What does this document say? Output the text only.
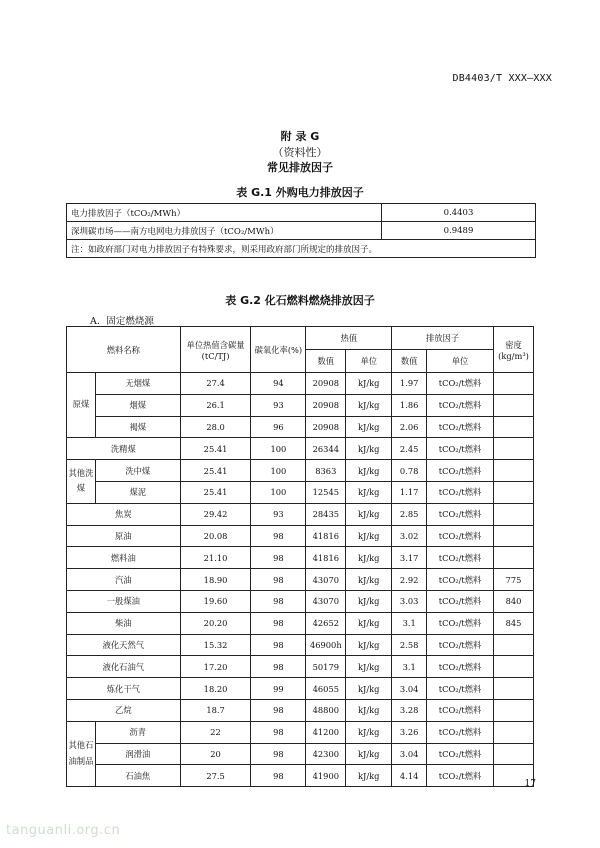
DB4403/T XXX—XXX
附 录 G
（资料性）
常见排放因子
表 G.1 外购电力排放因子
电力排放因子（tCO₂/MWh）	0.4403
深圳碳市场——南方电网电力排放因子（tCO₂/MWh）	0.9489
注：如政府部门对电力排放因子有特殊要求，则采用政府部门所规定的排放因子。	
表 G.2 化石燃料燃烧排放因子
A．固定燃烧源
燃料名称		单位热值含碳量(tC/TJ)	碳氧化率(%)	热值		排放因子		密度(kg/m³)
				数值	单位	数值	单位	
原煤	无烟煤	27.4	94	20908	kJ/kg	1.97	tCO₂/t燃料	
	烟煤	26.1	93	20908	kJ/kg	1.86	tCO₂/t燃料	
	褐煤	28.0	96	20908	kJ/kg	2.06	tCO₂/t燃料	
洗精煤		25.41	100	26344	kJ/kg	2.45	tCO₂/t燃料	
其他洗煤	洗中煤	25.41	100	8363	kJ/kg	0.78	tCO₂/t燃料	
	煤泥	25.41	100	12545	kJ/kg	1.17	tCO₂/t燃料	
焦炭		29.42	93	28435	kJ/kg	2.85	tCO₂/t燃料	
原油		20.08	98	41816	kJ/kg	3.02	tCO₂/t燃料	
燃料油		21.10	98	41816	kJ/kg	3.17	tCO₂/t燃料	
汽油		18.90	98	43070	kJ/kg	2.92	tCO₂/t燃料	775
一般煤油		19.60	98	43070	kJ/kg	3.03	tCO₂/t燃料	840
柴油		20.20	98	42652	kJ/kg	3.1	tCO₂/t燃料	845
液化天然气		15.32	98	46900h	kJ/kg	2.58	tCO₂/t燃料	
液化石油气		17.20	98	50179	kJ/kg	3.1	tCO₂/t燃料	
炼化干气		18.20	99	46055	kJ/kg	3.04	tCO₂/t燃料	
乙烷		18.7	98	48800	kJ/kg	3.28	tCO₂/t燃料	
其他石油制品	沥青	22	98	41200	kJ/kg	3.26	tCO₂/t燃料	
	润滑油	20	98	42300	kJ/kg	3.04	tCO₂/t燃料	
	石油焦	27.5	98	41900	kJ/kg	4.14	tCO₂/t燃料	
17
tanguanli.org.cn
